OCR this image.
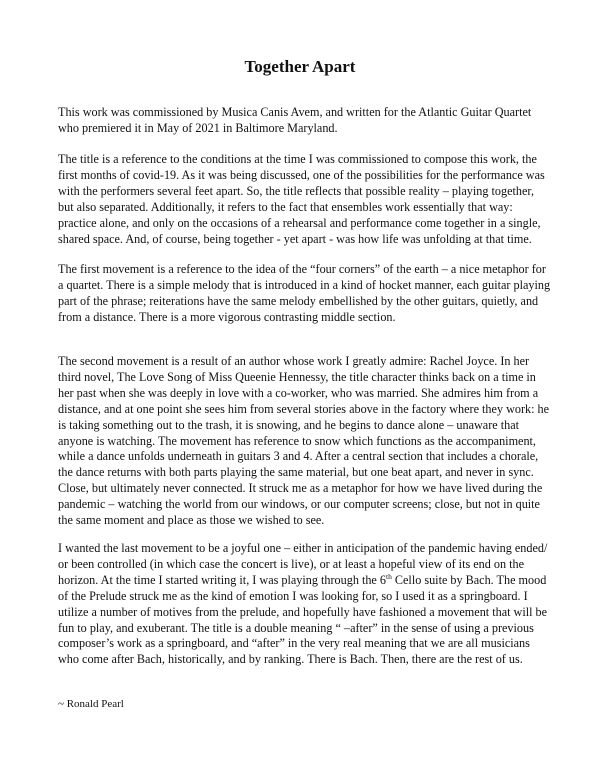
Together Apart

This work was commissioned by Musica Canis Avem, and written for the Atlantic Guitar Quartet who premiered it in May of 2021 in Baltimore Maryland.

The title is a reference to the conditions at the time I was commissioned to compose this work, the first months of covid-19. As it was being discussed, one of the possibilities for the performance was with the performers several feet apart. So, the title reflects that possible reality – playing together, but also separated. Additionally, it refers to the fact that ensembles work essentially that way: practice alone, and only on the occasions of a rehearsal and performance come together in a single, shared space. And, of course, being together - yet apart - was how life was unfolding at that time.

The first movement is a reference to the idea of the “four corners” of the earth – a nice metaphor for a quartet. There is a simple melody that is introduced in a kind of hocket manner, each guitar playing part of the phrase; reiterations have the same melody embellished by the other guitars, quietly, and from a distance. There is a more vigorous contrasting middle section.

The second movement is a result of an author whose work I greatly admire: Rachel Joyce. In her third novel, The Love Song of Miss Queenie Hennessy, the title character thinks back on a time in her past when she was deeply in love with a co-worker, who was married. She admires him from a distance, and at one point she sees him from several stories above in the factory where they work: he is taking something out to the trash, it is snowing, and he begins to dance alone – unaware that anyone is watching. The movement has reference to snow which functions as the accompaniment, while a dance unfolds underneath in guitars 3 and 4. After a central section that includes a chorale, the dance returns with both parts playing the same material, but one beat apart, and never in sync. Close, but ultimately never connected. It struck me as a metaphor for how we have lived during the pandemic – watching the world from our windows, or our computer screens; close, but not in quite the same moment and place as those we wished to see.

I wanted the last movement to be a joyful one – either in anticipation of the pandemic having ended/ or been controlled (in which case the concert is live), or at least a hopeful view of its end on the horizon. At the time I started writing it, I was playing through the 6th Cello suite by Bach. The mood of the Prelude struck me as the kind of emotion I was looking for, so I used it as a springboard. I utilize a number of motives from the prelude, and hopefully have fashioned a movement that will be fun to play, and exuberant. The title is a double meaning “ –after” in the sense of using a previous composer’s work as a springboard, and “after” in the very real meaning that we are all musicians who come after Bach, historically, and by ranking. There is Bach. Then, there are the rest of us.

~ Ronald Pearl
